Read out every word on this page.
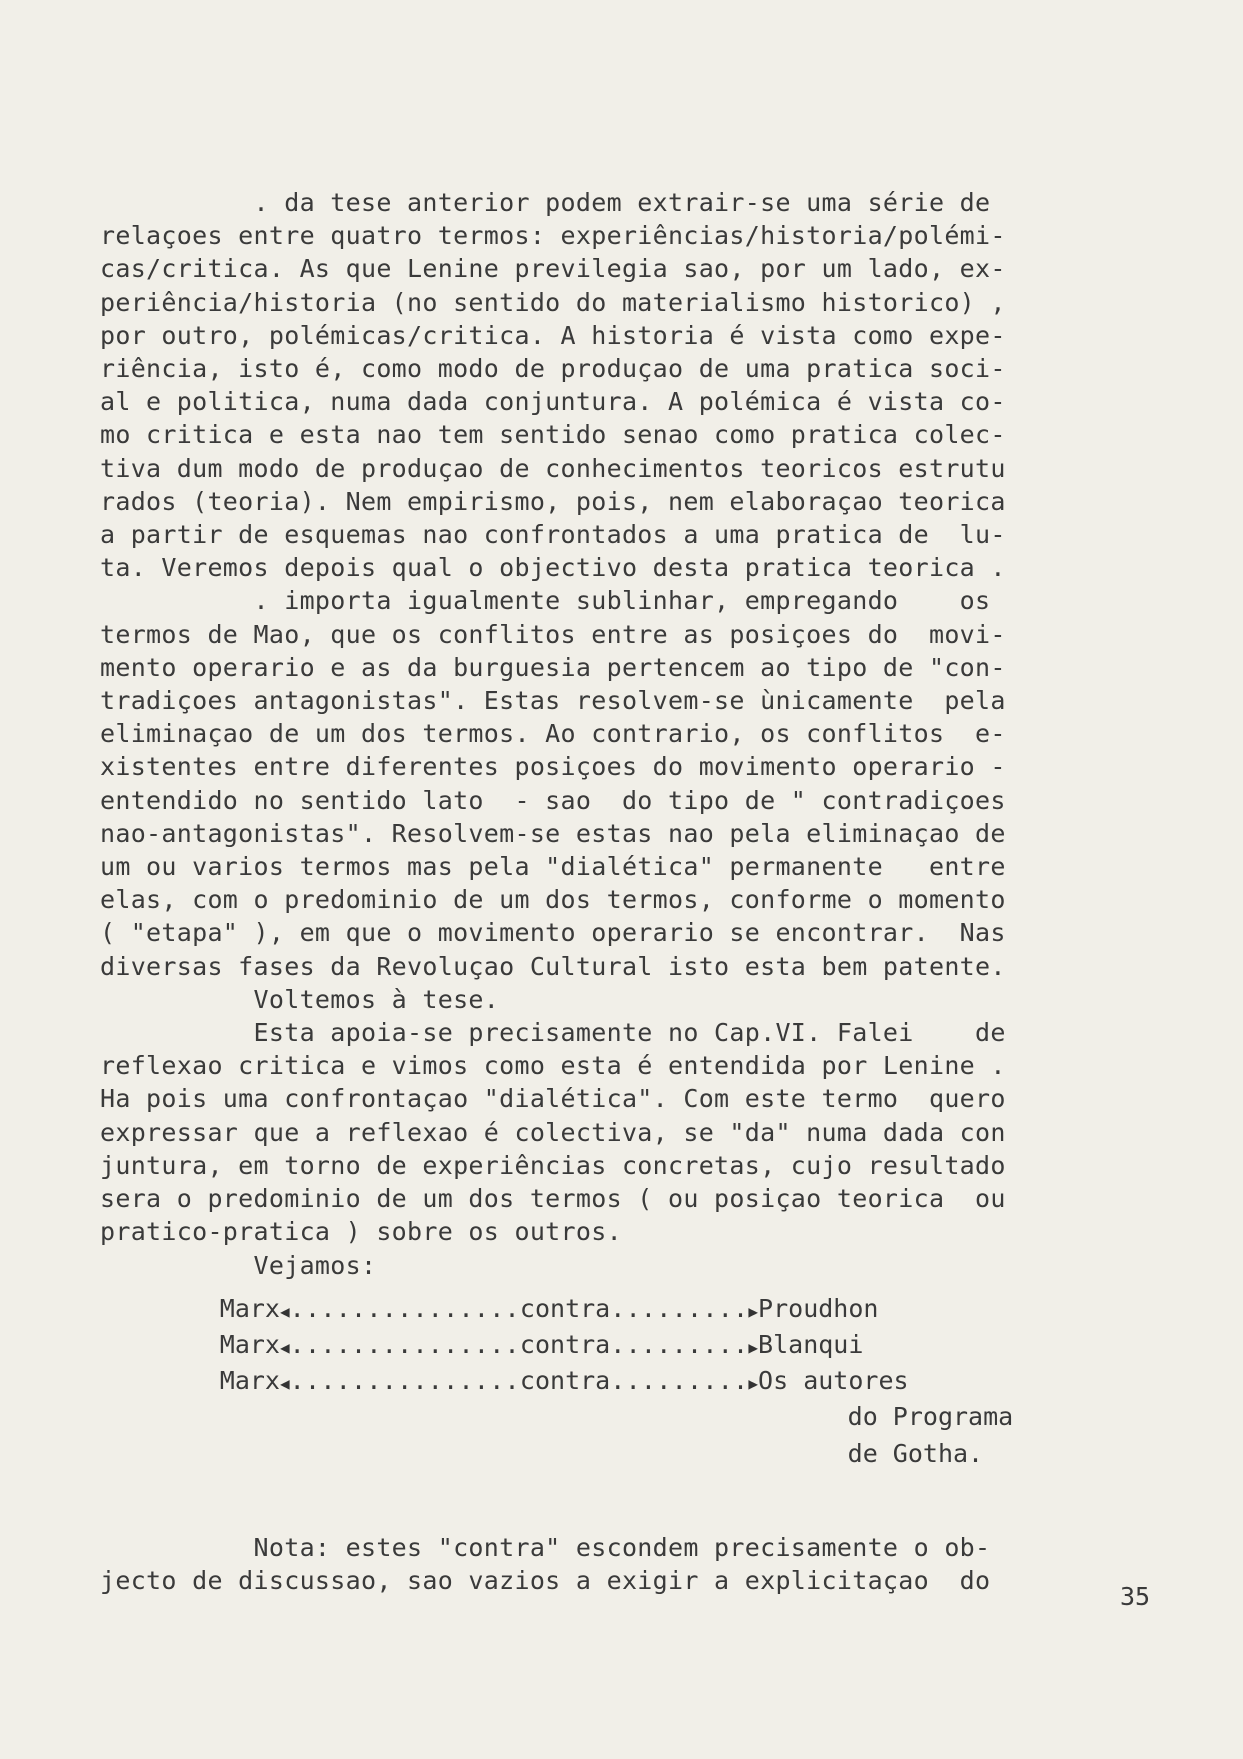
. da tese anterior podem extrair-se uma série de
relaçoes entre quatro termos: experiências/historia/polémi-
cas/critica. As que Lenine previlegia sao, por um lado, ex-
periência/historia (no sentido do materialismo historico) ,
por outro, polémicas/critica. A historia é vista como expe-
riência, isto é, como modo de produçao de uma pratica soci-
al e politica, numa dada conjuntura. A polémica é vista co-
mo critica e esta nao tem sentido senao como pratica colec-
tiva dum modo de produçao de conhecimentos teoricos estrutu
rados (teoria). Nem empirismo, pois, nem elaboraçao teorica
a partir de esquemas nao confrontados a uma pratica de  lu-
ta. Veremos depois qual o objectivo desta pratica teorica .
. importa igualmente sublinhar, empregando    os
termos de Mao, que os conflitos entre as posiçoes do  movi-
mento operario e as da burguesia pertencem ao tipo de "con-
tradiçoes antagonistas". Estas resolvem-se ùnicamente  pela
eliminaçao de um dos termos. Ao contrario, os conflitos  e-
xistentes entre diferentes posiçoes do movimento operario -
entendido no sentido lato  - sao  do tipo de " contradiçoes
nao-antagonistas". Resolvem-se estas nao pela eliminaçao de
um ou varios termos mas pela "dialética" permanente   entre
elas, com o predominio de um dos termos, conforme o momento
( "etapa" ), em que o movimento operario se encontrar.  Nas
diversas fases da Revoluçao Cultural isto esta bem patente.
Voltemos à tese.
Esta apoia-se precisamente no Cap.VI. Falei    de
reflexao critica e vimos como esta é entendida por Lenine .
Ha pois uma confrontaçao "dialética". Com este termo  quero
expressar que a reflexao é colectiva, se "da" numa dada con
juntura, em torno de experiências concretas, cujo resultado
sera o predominio de um dos termos ( ou posiçao teorica  ou
pratico-pratica ) sobre os outros.
Vejamos:
Marx ◀ ............... contra ......... ▶ Proudhon
Marx ◀ ............... contra ......... ▶ Blanqui
Marx ◀ ............... contra ......... ▶ Os autores

do Programa

de Gotha.
Nota: estes "contra" escondem precisamente o ob-
jecto de discussao, sao vazios a exigir a explicitaçao  do
35
